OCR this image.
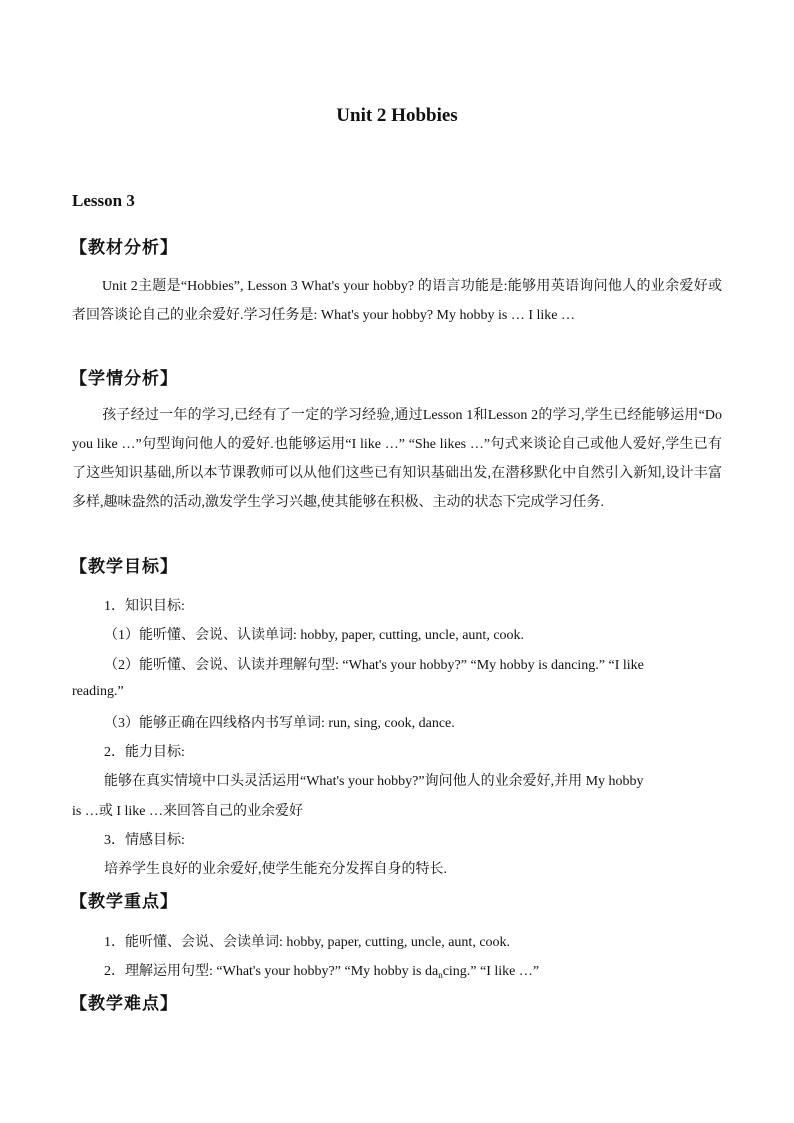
Unit 2 Hobbies
Lesson 3
【教材分析】
Unit 2主题是“Hobbies”, Lesson 3 What's your hobby? 的语言功能是:能够用英语询问他人的业余爱好或者回答谈论自己的业余爱好.学习任务是: What's your hobby? My hobby is … I like …
【学情分析】
孩子经过一年的学习,已经有了一定的学习经验,通过Lesson 1和Lesson 2的学习,学生已经能够运用“Do you like …”句型询问他人的爱好.也能够运用“I like …” “She likes …”句式来谈论自己或他人爱好,学生已有了这些知识基础,所以本节课教师可以从他们这些已有知识基础出发,在潜移默化中自然引入新知,设计丰富多样,趣味盎然的活动,激发学生学习兴趣,使其能够在积极、主动的状态下完成学习任务.
【教学目标】
1．知识目标:
（1）能听懂、会说、认读单词: hobby, paper, cutting, uncle, aunt, cook.
（2）能听懂、会说、认读并理解句型: “What's your hobby?” “My hobby is dancing.” “I like
reading.”
（3）能够正确在四线格内书写单词: run, sing, cook, dance.
2．能力目标:
能够在真实情境中口头灵活运用“What's your hobby?”询问他人的业余爱好,并用 My hobby
is …或 I like …来回答自己的业余爱好
3．情感目标:
培养学生良好的业余爱好,使学生能充分发挥自身的特长.
【教学重点】
1．能听懂、会说、会读单词: hobby, paper, cutting, uncle, aunt, cook.
2．理解运用句型: “What's your hobby?” “My hobby is $da_ncing$.” “I like …”
【教学难点】
